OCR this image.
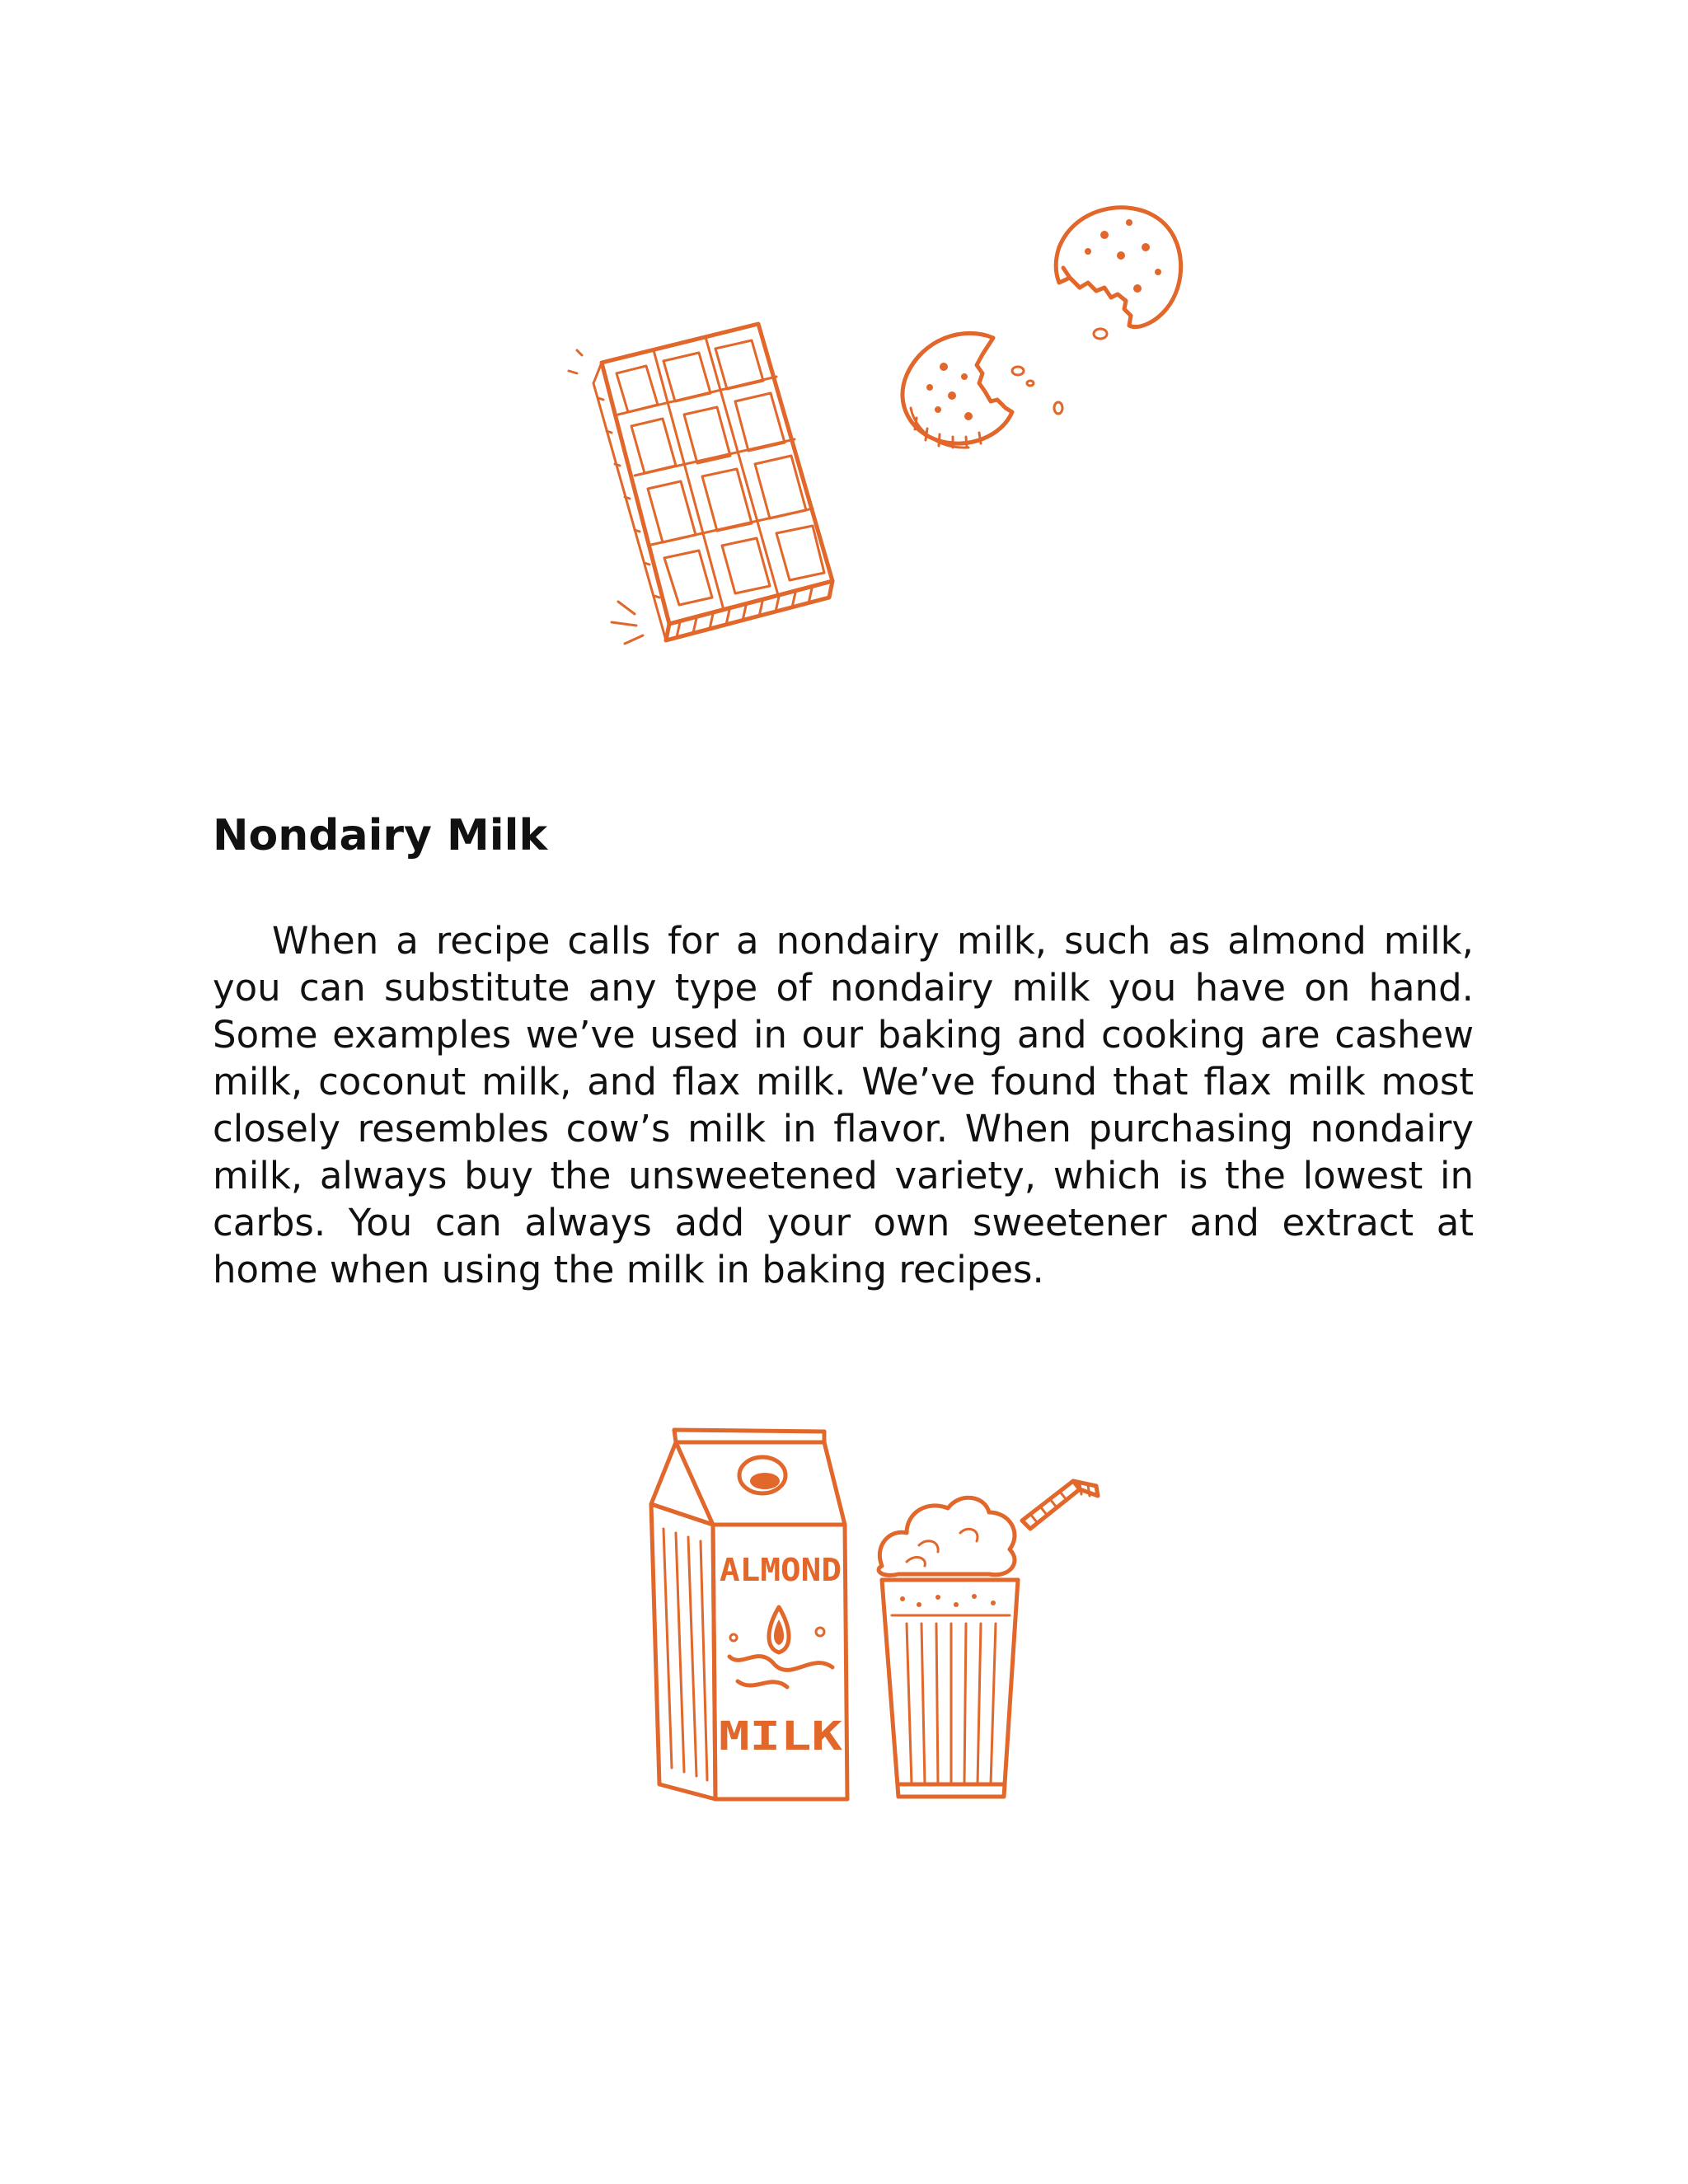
Nondairy Milk

When a recipe calls for a nondairy milk, such as almond milk, you can substitute any type of nondairy milk you have on hand. Some examples we’ve used in our baking and cooking are cashew milk, coconut milk, and flax milk. We’ve found that flax milk most closely resembles cow’s milk in flavor. When purchasing nondairy milk, always buy the unsweetened variety, which is the lowest in carbs. You can always add your own sweetener and extract at home when using the milk in baking recipes.

ALMOND
MILK
